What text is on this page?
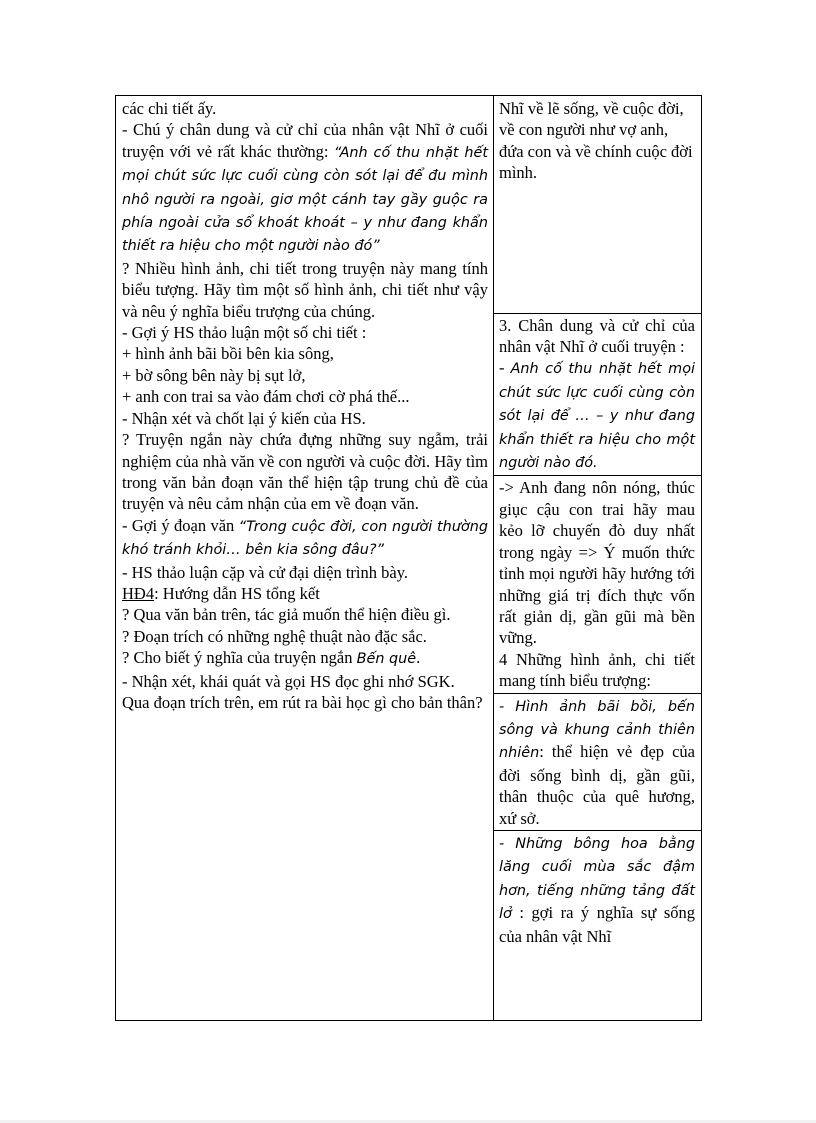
các chi tiết ấy.

- Chú ý chân dung và cử chỉ của nhân vật Nhĩ ở cuối truyện với vẻ rất khác thường: “Anh cố thu nhặt hết mọi chút sức lực cuối cùng còn sót lại để đu mình nhô người ra ngoài, giơ một cánh tay gầy guộc ra phía ngoài cửa sổ khoát khoát – y như đang khẩn thiết ra hiệu cho một người nào đó”

? Nhiều hình ảnh, chi tiết trong truyện này mang tính biểu tượng. Hãy tìm một số hình ảnh, chi tiết như vậy và nêu ý nghĩa biểu trượng của chúng.

- Gợi ý HS thảo luận một số chi tiết :

+ hình ảnh bãi bồi bên kia sông,

+ bờ sông bên này bị sụt lở,

+ anh con trai sa vào đám chơi cờ phá thế...

- Nhận xét và chốt lại ý kiến của HS.

? Truyện ngắn này chứa đựng những suy ngẫm, trải nghiệm của nhà văn về con người và cuộc đời. Hãy tìm trong văn bản đoạn văn thể hiện tập trung chủ đề của truyện và nêu cảm nhận của em về đoạn văn.

- Gợi ý đoạn văn “Trong cuộc đời, con người thường khó tránh khỏi… bên kia sông đâu?”

- HS thảo luận cặp và cử đại diện trình bày.

HĐ4: Hướng dẫn HS tổng kết

? Qua văn bản trên, tác giả muốn thể hiện điều gì.

? Đoạn trích có những nghệ thuật nào đặc sắc.

? Cho biết ý nghĩa của truyện ngắn Bến quê.

- Nhận xét, khái quát và gọi HS đọc ghi nhớ SGK.

Qua đoạn trích trên, em rút ra bài học gì cho bản thân?

Nhĩ về lẽ sống, về cuộc đời, về con người như vợ anh, đứa con và về chính cuộc đời mình.

3. Chân dung và cử chỉ của nhân vật Nhĩ ở cuối truyện :

- Anh cố thu nhặt hết mọi chút sức lực cuối cùng còn sót lại để … – y như đang khẩn thiết ra hiệu cho một người nào đó.

-> Anh đang nôn nóng, thúc giục cậu con trai hãy mau kẻo lỡ chuyến đò duy nhất trong ngày => Ý muốn thức tỉnh mọi người hãy hướng tới những giá trị đích thực vốn rất giản dị, gần gũi mà bền vững.

4 Những hình ảnh, chi tiết mang tính biểu trượng:

- Hình ảnh bãi bồi, bến sông và khung cảnh thiên nhiên: thể hiện vẻ đẹp của đời sống bình dị, gần gũi, thân thuộc của quê hương, xứ sở.

- Những bông hoa bằng lăng cuối mùa sắc đậm hơn, tiếng những tảng đất lở : gợi ra ý nghĩa sự sống của nhân vật Nhĩ
